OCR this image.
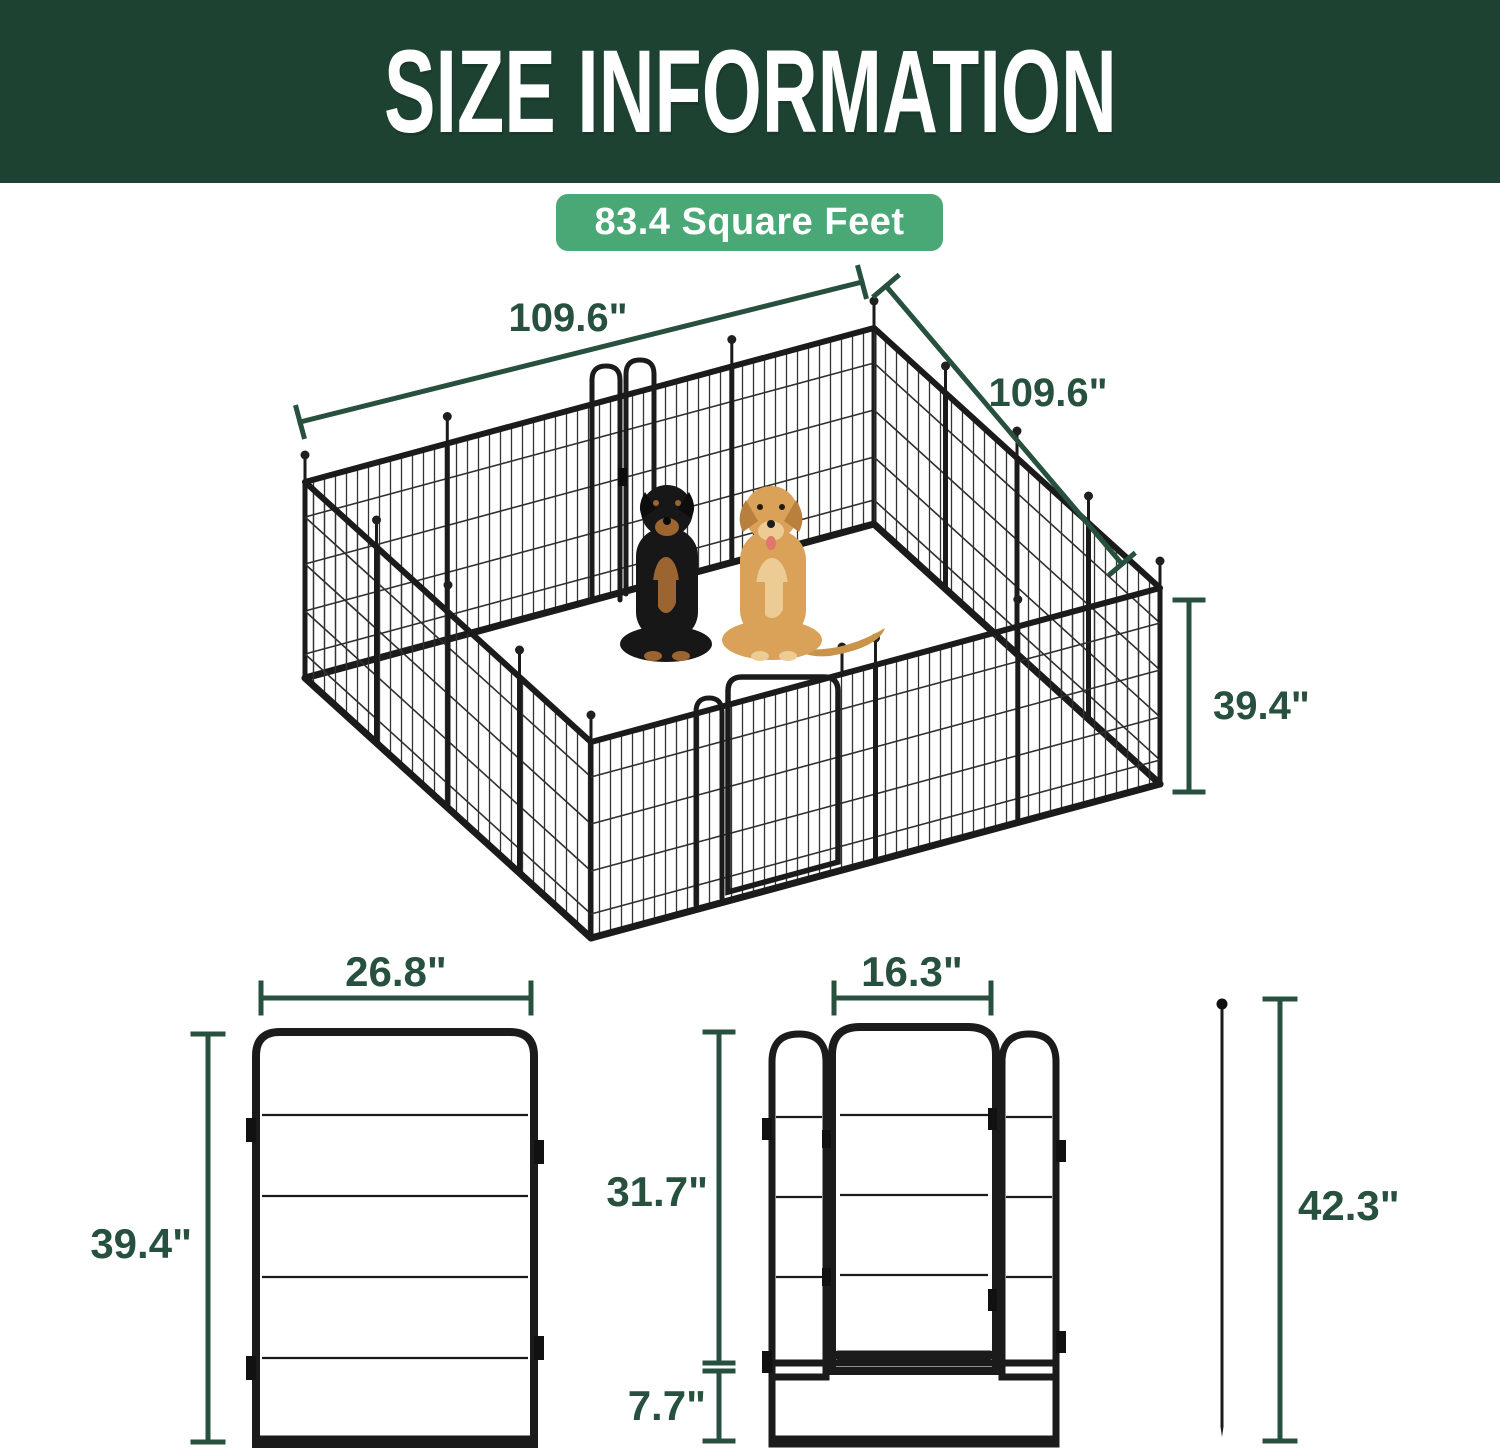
SIZE INFORMATION
83.4 Square Feet
109.6"
109.6"
39.4"
26.8"
39.4"
16.3"
31.7"
7.7"
42.3"
